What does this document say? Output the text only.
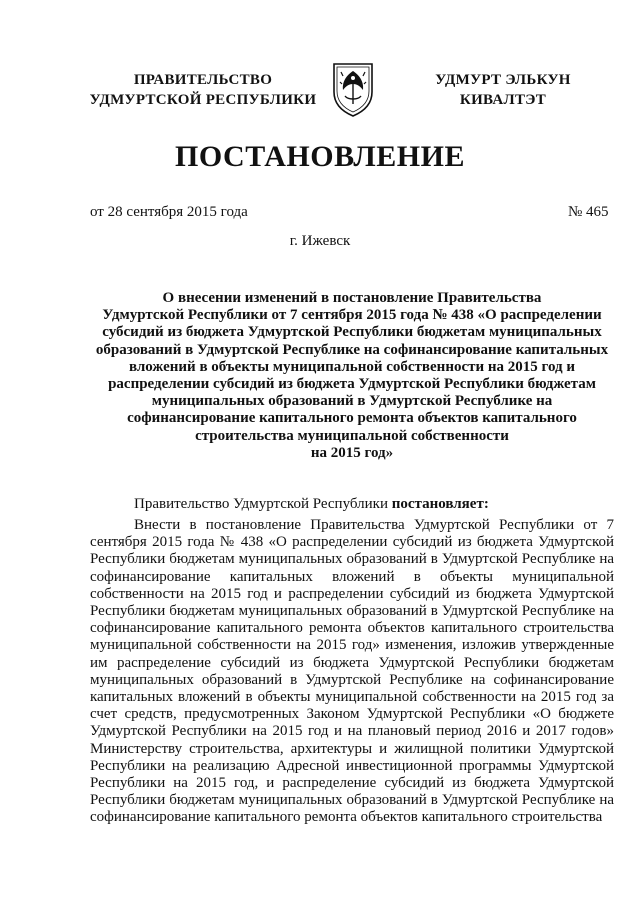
ПРАВИТЕЛЬСТВО
УДМУРТСКОЙ РЕСПУБЛИКИ
УДМУРТ ЭЛЬКУН
КИВАЛТЭТ
ПОСТАНОВЛЕНИЕ
от 28 сентября 2015 года	№ 465
г. Ижевск
О внесении изменений в постановление Правительства
Удмуртской Республики от 7 сентября 2015 года № 438 «О распределении
субсидий из бюджета Удмуртской Республики бюджетам муниципальных
образований в Удмуртской Республике на софинансирование капитальных
вложений в объекты муниципальной собственности на 2015 год и
распределении субсидий из бюджета Удмуртской Республики бюджетам
муниципальных образований в Удмуртской Республике на
софинансирование капитального ремонта объектов капитального
строительства муниципальной собственности
на 2015 год»
Правительство Удмуртской Республики постановляет:
Внести в постановление Правительства Удмуртской Республики от 7 сентября 2015 года № 438 «О распределении субсидий из бюджета Удмуртской Республики бюджетам муниципальных образований в Удмуртской Республике на софинансирование капитальных вложений в объекты муниципальной собственности на 2015 год и распределении субсидий из бюджета Удмуртской Республики бюджетам муниципальных образований в Удмуртской Республике на софинансирование капитального ремонта объектов капитального строительства муниципальной собственности на 2015 год» изменения, изложив утвержденные им распределение субсидий из бюджета Удмуртской Республики бюджетам муниципальных образований в Удмуртской Республике на софинансирование капитальных вложений в объекты муниципальной собственности на 2015 год за счет средств, предусмотренных Законом Удмуртской Республики «О бюджете Удмуртской Республики на 2015 год и на плановый период 2016 и 2017 годов» Министерству строительства, архитектуры и жилищной политики Удмуртской Республики на реализацию Адресной инвестиционной программы Удмуртской Республики на 2015 год, и распределение субсидий из бюджета Удмуртской Республики бюджетам муниципальных образований в Удмуртской Республике на софинансирование капитального ремонта объектов капитального строительства
